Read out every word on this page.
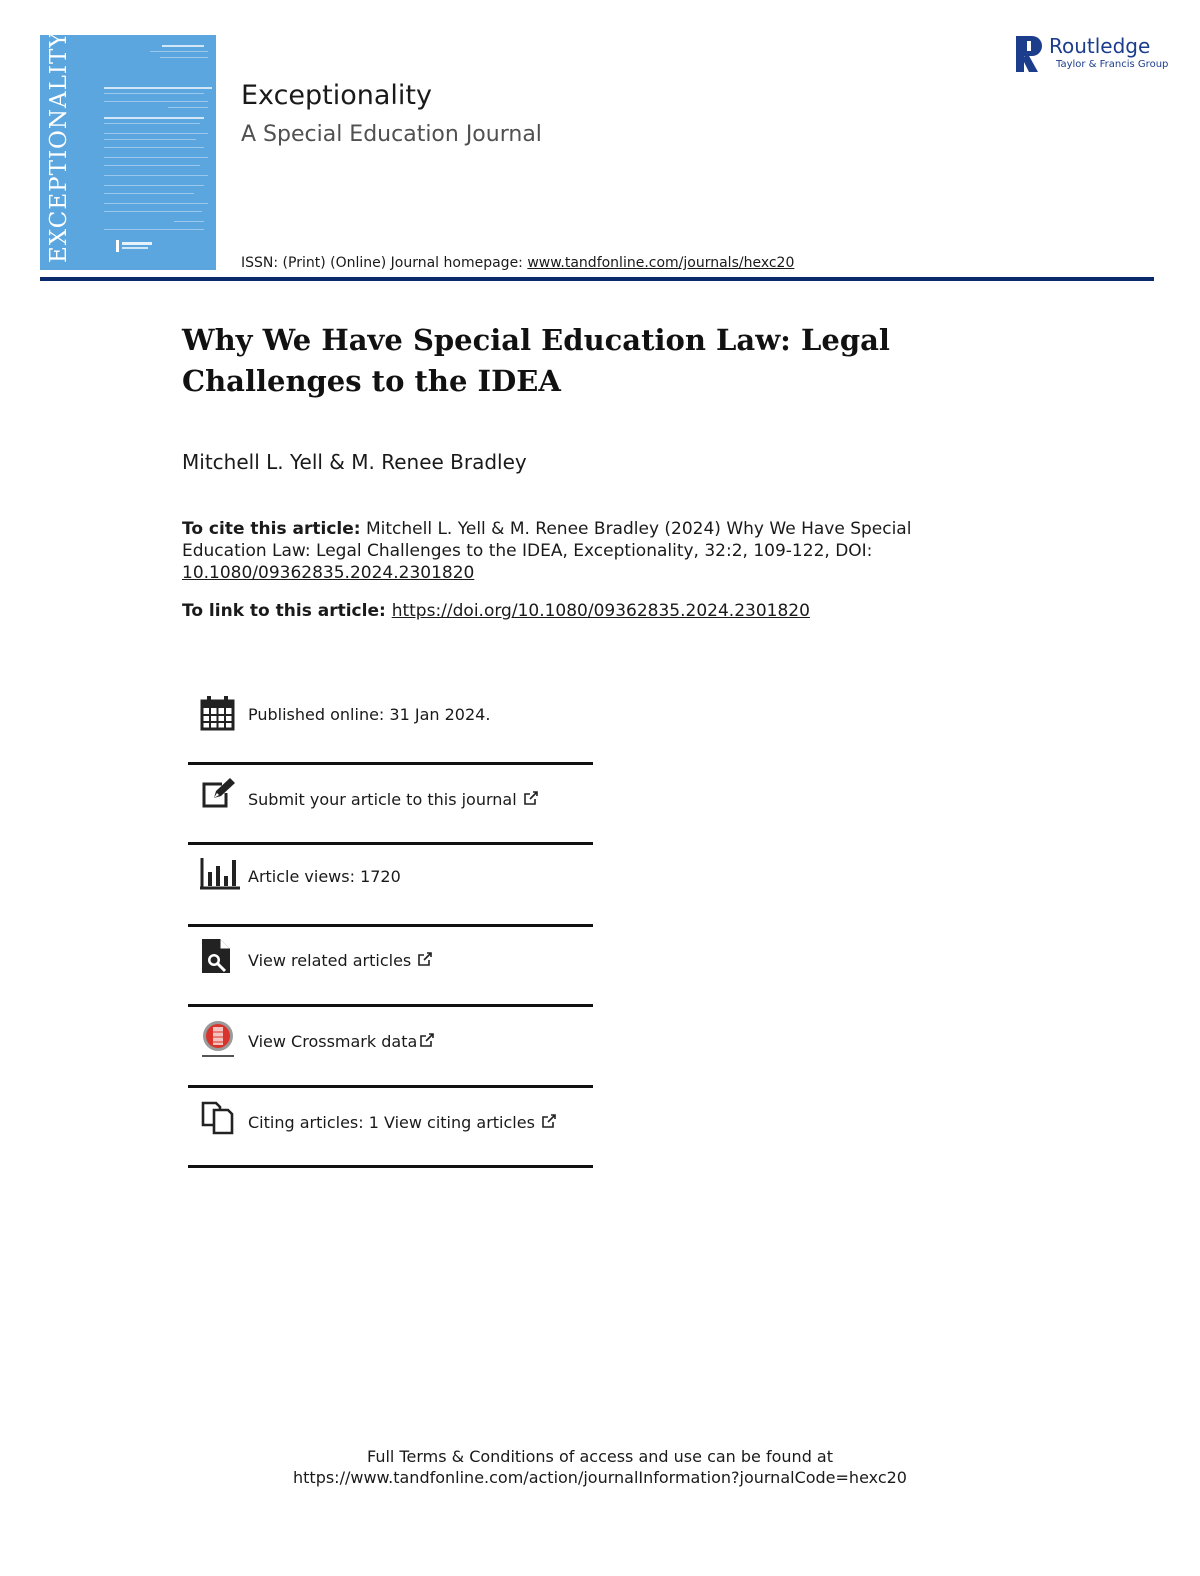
EXCEPTIONALITY	Exceptionality
A Special Education Journal
ISSN: (Print) (Online) Journal homepage: www.tandfonline.com/journals/hexc20
Routledge
Taylor & Francis Group
Why We Have Special Education Law: Legal Challenges to the IDEA
Mitchell L. Yell & M. Renee Bradley
To cite this article: Mitchell L. Yell & M. Renee Bradley (2024) Why We Have Special Education Law: Legal Challenges to the IDEA, Exceptionality, 32:2, 109-122, DOI: 10.1080/09362835.2024.2301820
To link to this article: https://doi.org/10.1080/09362835.2024.2301820
Published online: 31 Jan 2024.
Submit your article to this journal
Article views: 1720
View related articles
View Crossmark data
Citing articles: 1 View citing articles
Full Terms & Conditions of access and use can be found at
https://www.tandfonline.com/action/journalInformation?journalCode=hexc20
